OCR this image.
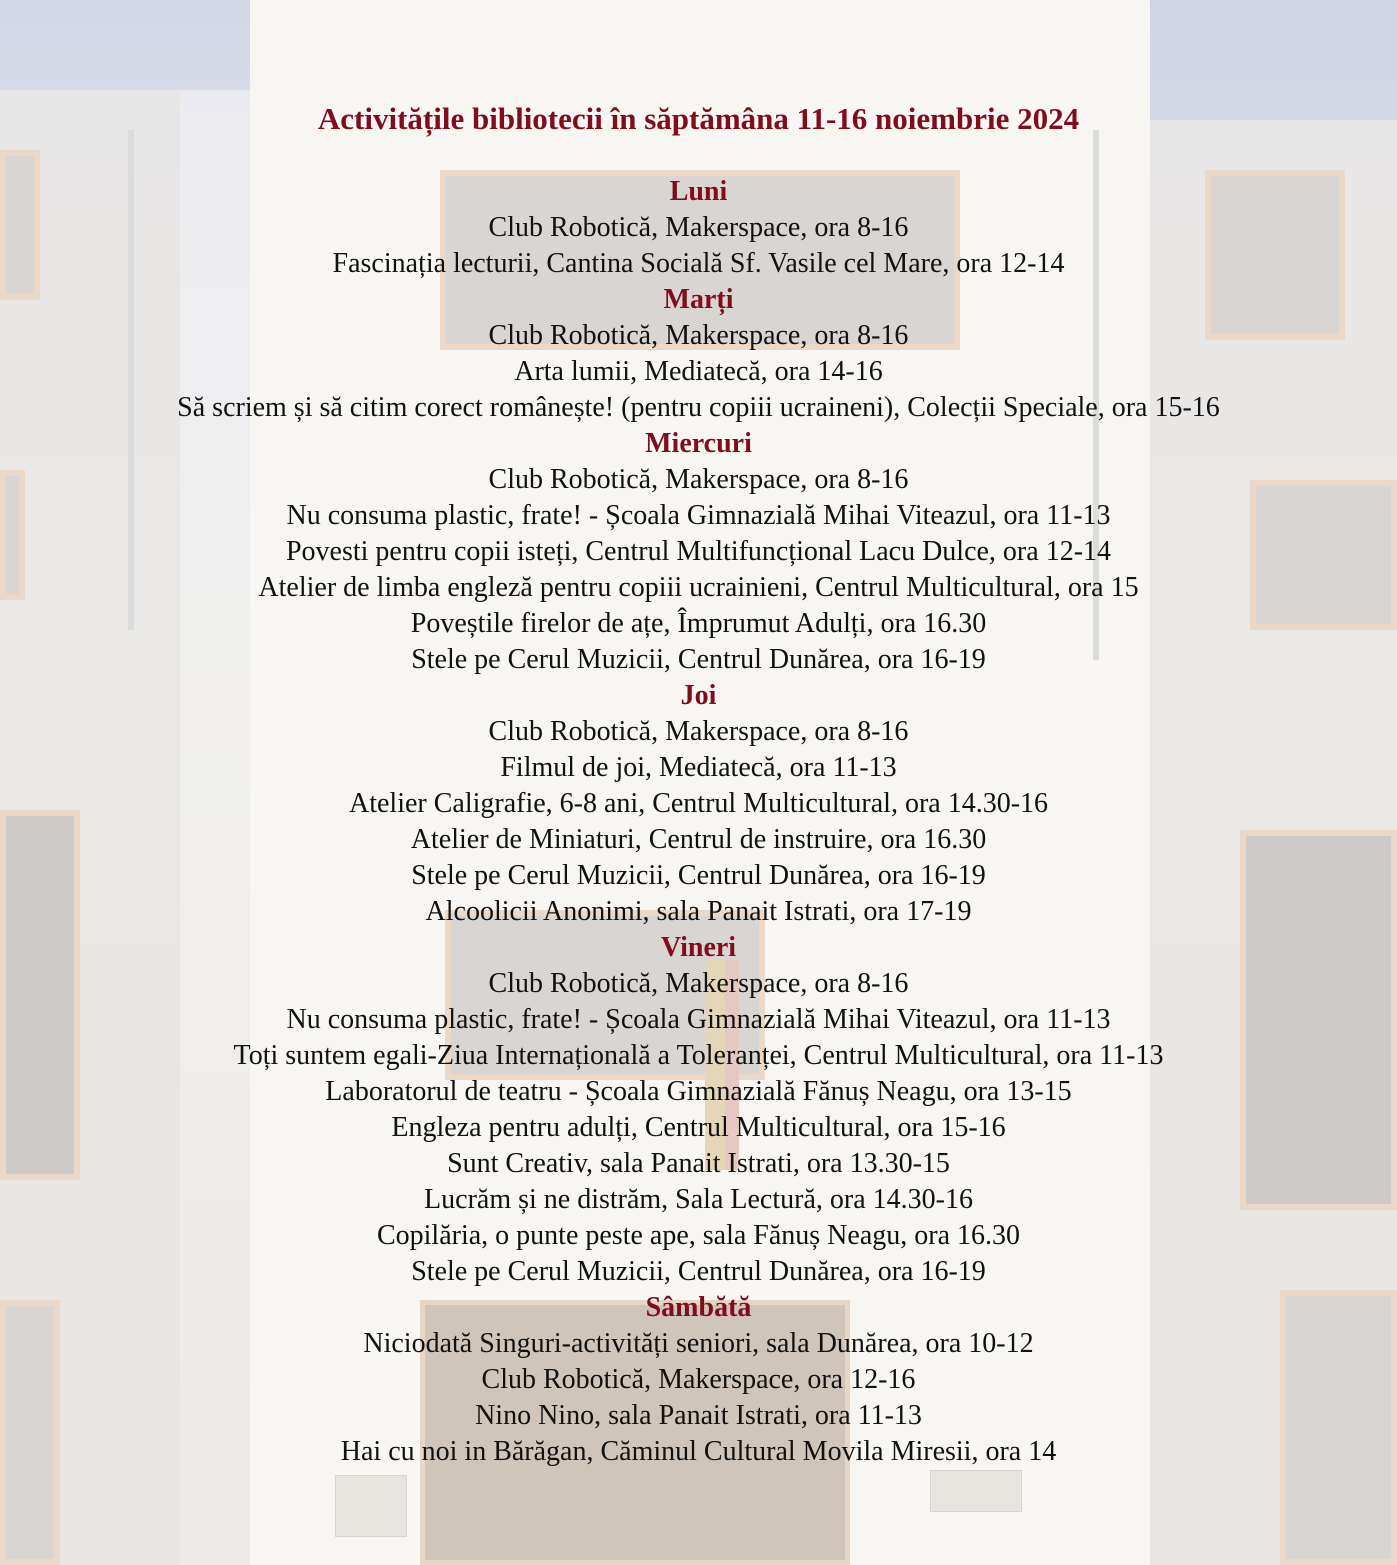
Activitățile bibliotecii în săptămâna 11-16 noiembrie 2024
Luni
Club Robotică, Makerspace, ora 8-16
Fascinația lecturii, Cantina Socială Sf. Vasile cel Mare, ora 12-14
Marți
Club Robotică, Makerspace, ora 8-16
Arta lumii, Mediatecă, ora 14-16
Să scriem și să citim corect românește! (pentru copiii ucraineni), Colecții Speciale, ora 15-16
Miercuri
Club Robotică, Makerspace, ora 8-16
Nu consuma plastic, frate! - Școala Gimnazială Mihai Viteazul, ora 11-13
Povesti pentru copii isteți, Centrul Multifuncțional Lacu Dulce, ora 12-14
Atelier de limba engleză pentru copiii ucrainieni, Centrul Multicultural, ora 15
Poveștile firelor de ațe, Împrumut Adulți, ora 16.30
Stele pe Cerul Muzicii, Centrul Dunărea, ora 16-19
Joi
Club Robotică, Makerspace, ora 8-16
Filmul de joi, Mediatecă, ora 11-13
Atelier Caligrafie, 6-8 ani, Centrul Multicultural, ora 14.30-16
Atelier de Miniaturi, Centrul de instruire, ora 16.30
Stele pe Cerul Muzicii, Centrul Dunărea, ora 16-19
Alcoolicii Anonimi, sala Panait Istrati, ora 17-19
Vineri
Club Robotică, Makerspace, ora 8-16
Nu consuma plastic, frate! - Școala Gimnazială Mihai Viteazul, ora 11-13
Toți suntem egali-Ziua Internațională a Toleranței, Centrul Multicultural, ora 11-13
Laboratorul de teatru - Școala Gimnazială Fănuș Neagu, ora 13-15
Engleza pentru adulți, Centrul Multicultural, ora 15-16
Sunt Creativ, sala Panait Istrati, ora 13.30-15
Lucrăm și ne distrăm, Sala Lectură, ora 14.30-16
Copilăria, o punte peste ape, sala Fănuș Neagu, ora 16.30
Stele pe Cerul Muzicii, Centrul Dunărea, ora 16-19
Sâmbătă
Niciodată Singuri-activități seniori, sala Dunărea, ora 10-12
Club Robotică, Makerspace, ora 12-16
Nino Nino, sala Panait Istrati, ora 11-13
Hai cu noi in Bărăgan, Căminul Cultural Movila Miresii, ora 14
